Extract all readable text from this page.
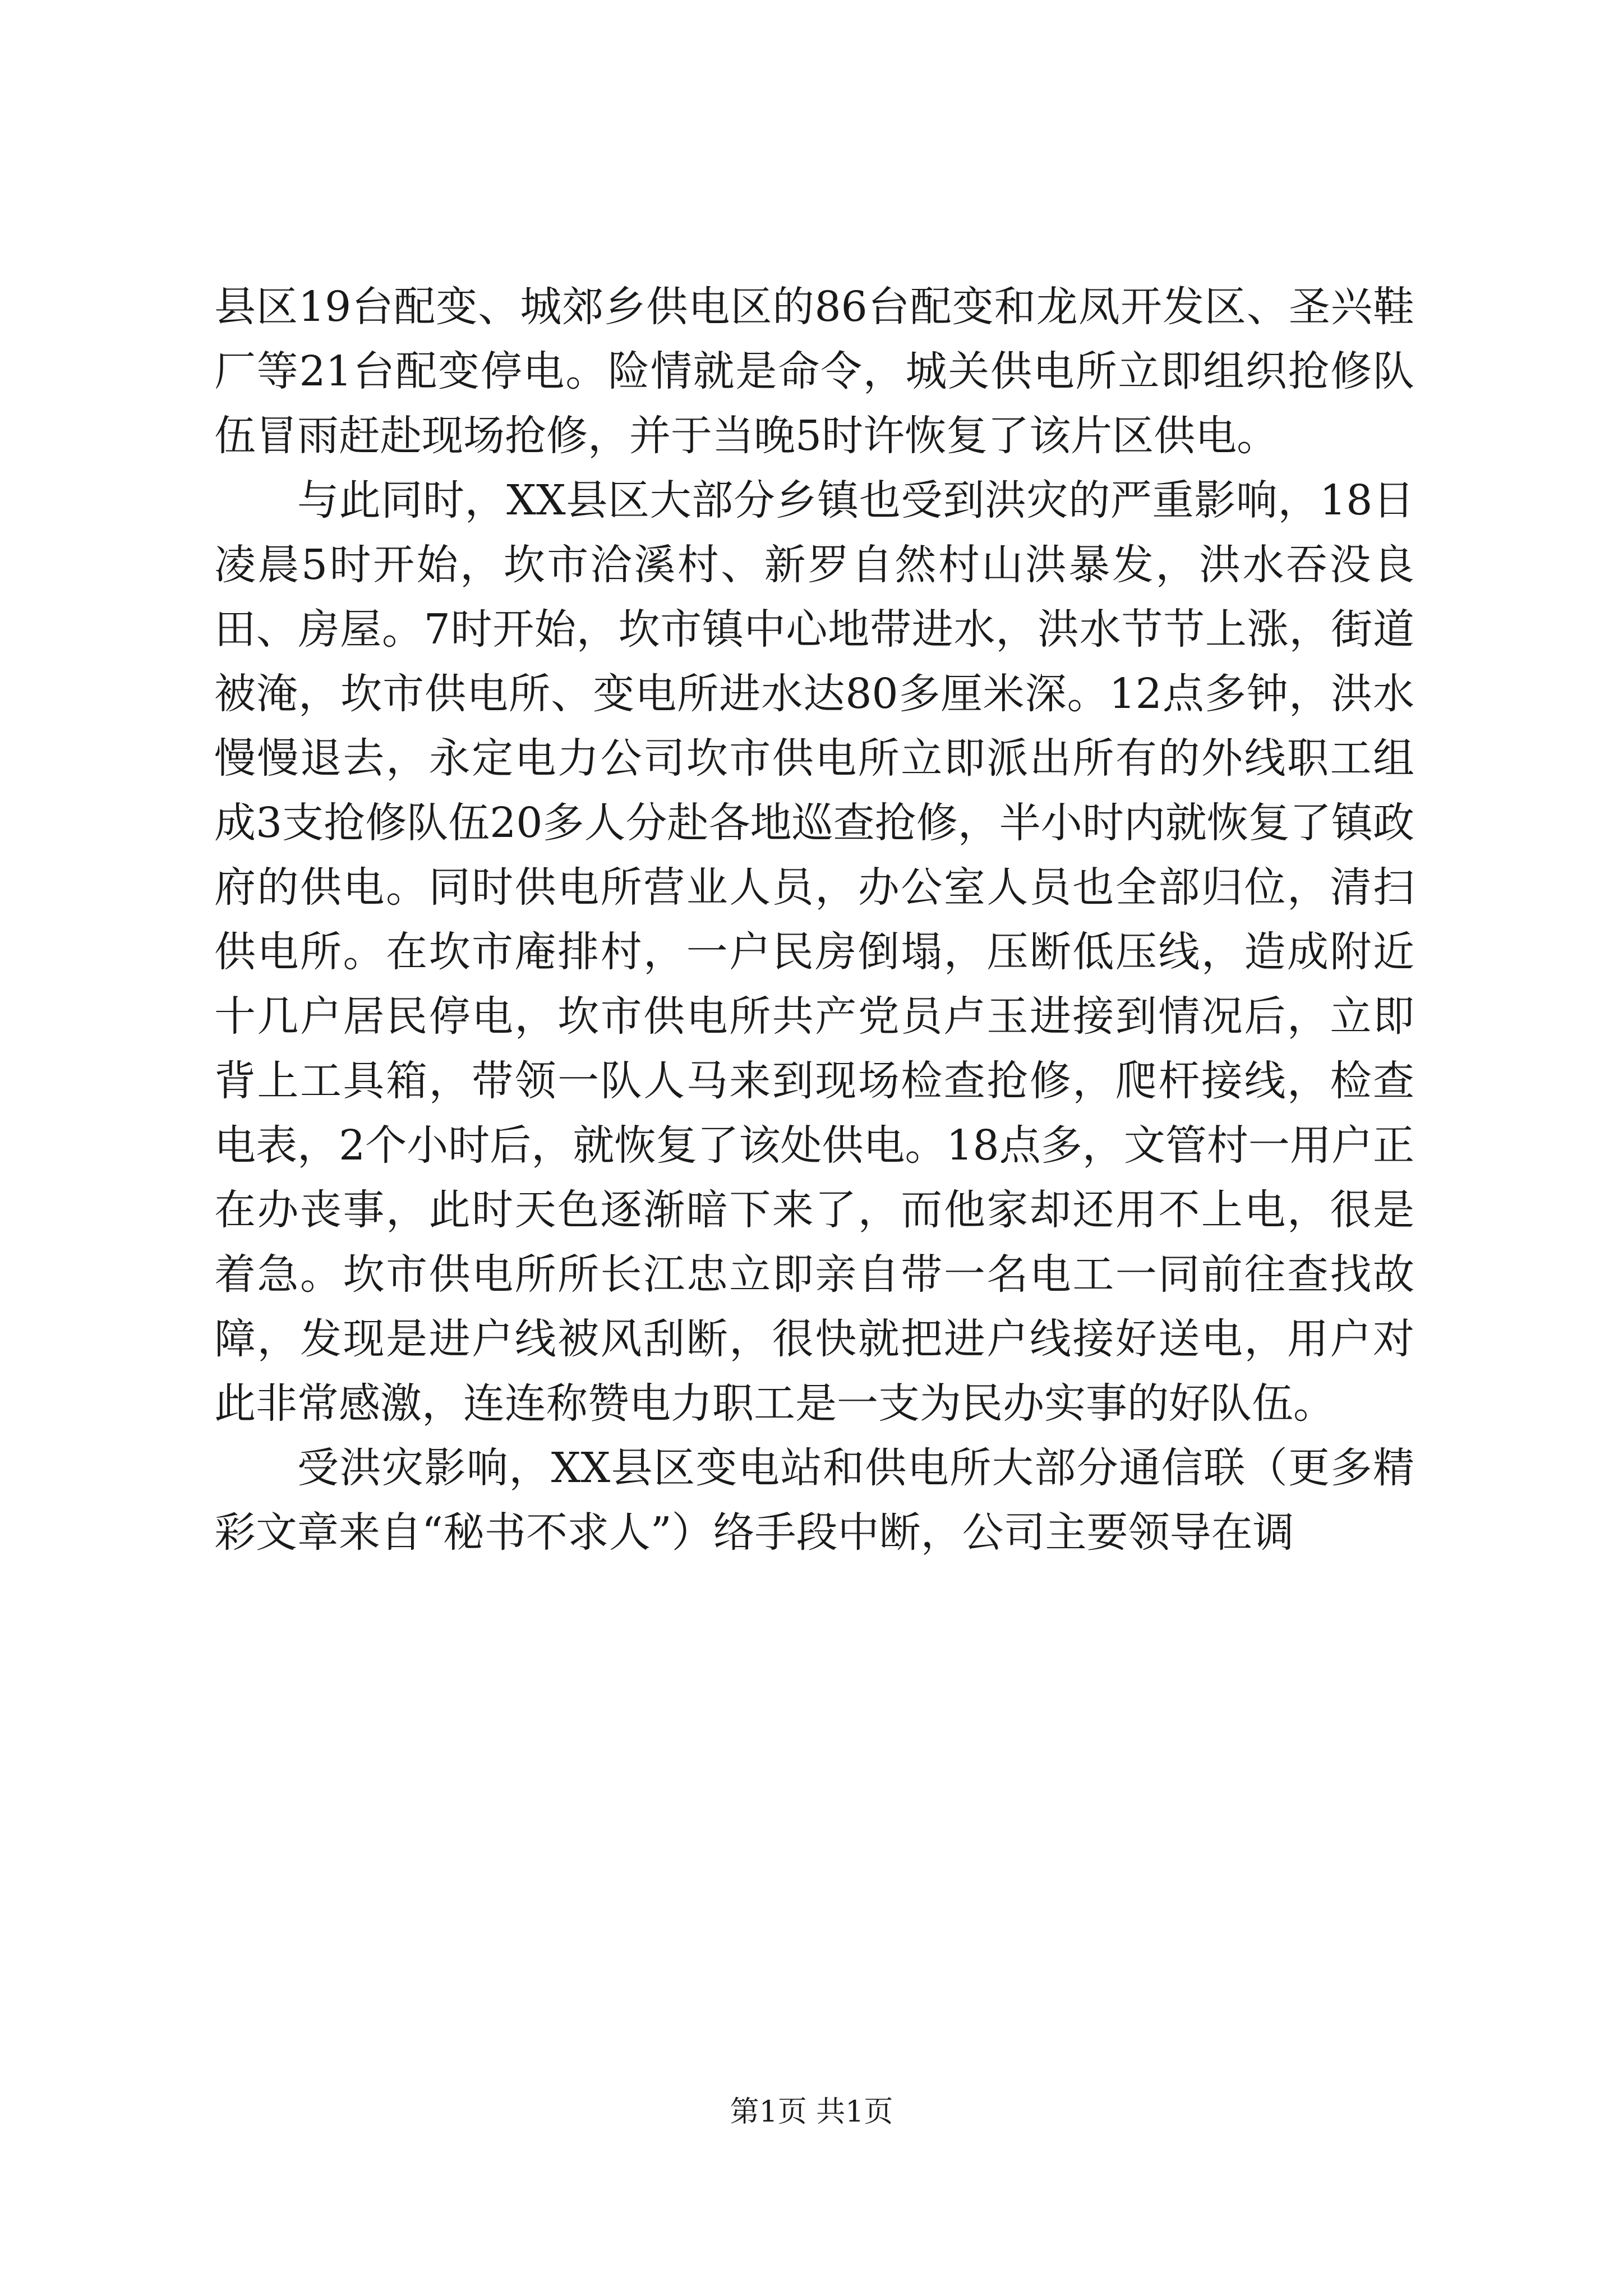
县区19台配变、城郊乡供电区的86台配变和龙凤开发区、圣兴鞋厂等21台配变停电。险情就是命令，城关供电所立即组织抢修队伍冒雨赶赴现场抢修，并于当晚5时许恢复了该片区供电。

与此同时，XX县区大部分乡镇也受到洪灾的严重影响，18日凌晨5时开始，坎市洽溪村、新罗自然村山洪暴发，洪水吞没良田、房屋。7时开始，坎市镇中心地带进水，洪水节节上涨，街道被淹，坎市供电所、变电所进水达80多厘米深。12点多钟，洪水慢慢退去，永定电力公司坎市供电所立即派出所有的外线职工组成3支抢修队伍20多人分赴各地巡查抢修，半小时内就恢复了镇政府的供电。同时供电所营业人员，办公室人员也全部归位，清扫供电所。在坎市庵排村，一户民房倒塌，压断低压线，造成附近十几户居民停电，坎市供电所共产党员卢玉进接到情况后，立即背上工具箱，带领一队人马来到现场检查抢修，爬杆接线，检查电表，2个小时后，就恢复了该处供电。18点多，文管村一用户正在办丧事，此时天色逐渐暗下来了，而他家却还用不上电，很是着急。坎市供电所所长江忠立即亲自带一名电工一同前往查找故障，发现是进户线被风刮断，很快就把进户线接好送电，用户对此非常感激，连连称赞电力职工是一支为民办实事的好队伍。

受洪灾影响，XX县区变电站和供电所大部分通信联（更多精彩文章来自“秘书不求人”）络手段中断，公司主要领导在调

第1页 共1页
